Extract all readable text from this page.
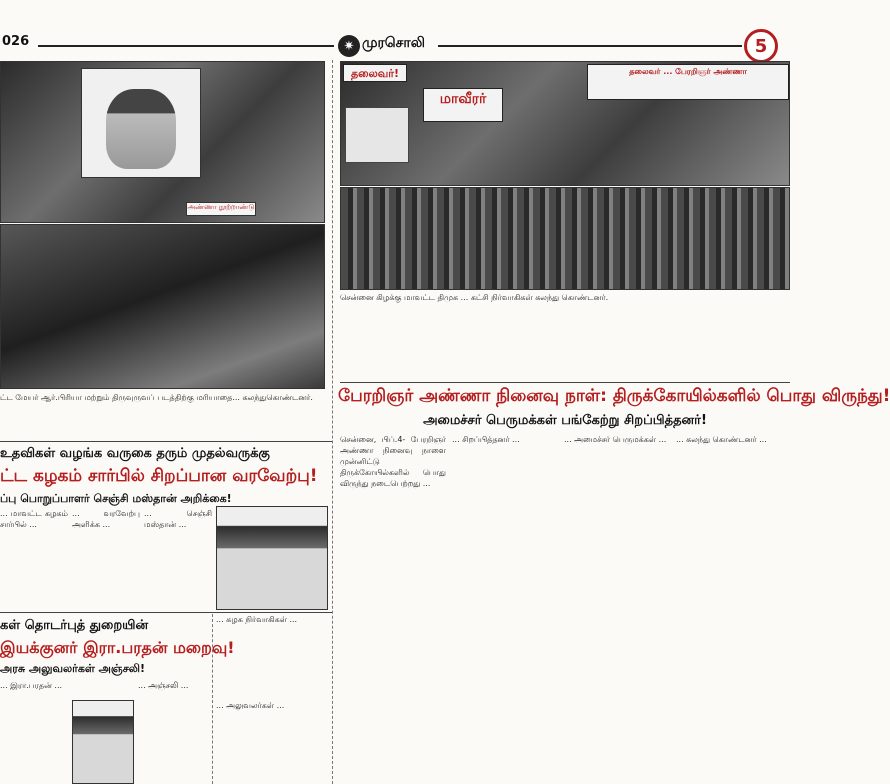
026	✷ முரசொலி	5
அண்ணா நூற்றாண்டு
ட்ட மேயர் ஆர்.பிரியா மற்றும் திருவுருவப் படத்திற்கு மரியாதை... கலந்துகொண்டனர்.
தலைவர்!
மாவீரர்
தலைவர் ... பேரறிஞர் அண்ணா
சென்னை கிழக்கு மாவட்ட திமுக ... கட்சி நிர்வாகிகள் கலந்து கொண்டனர்.
உதவிகள் வழங்க வருகை தரும் முதல்வருக்கு
ட்ட கழகம் சார்பில் சிறப்பான வரவேற்பு!
ப்பு பொறுப்பாளர் செஞ்சி மஸ்தான் அறிக்கை!
... மாவட்ட கழகம் சார்பில் ...
... வரவேற்பு அளிக்க ...
... செஞ்சி மஸ்தான் ...
கள் தொடர்புத் துறையின்
இயக்குனர் இரா.பரதன் மறைவு!
அரசு அலுவலர்கள் அஞ்சலி!
... இரா.பரதன் ...	... அஞ்சலி ...
... கழக நிர்வாகிகள் ...
... அலுவலர்கள் ...
பேரறிஞர் அண்ணா நினைவு நாள்: திருக்கோயில்களில் பொது விருந்து!
அமைச்சர் பெருமக்கள் பங்கேற்று சிறப்பித்தனர்!
சென்னை, பிப்.4- பேரறிஞர் அண்ணா நினைவு நாளை முன்னிட்டு திருக்கோயில்களில் பொது விருந்து நடைபெற்றது ...
... சிறப்பித்தனர் ...	... அமைச்சர் பெருமக்கள் ...	... கலந்து கொண்டனர் ...
